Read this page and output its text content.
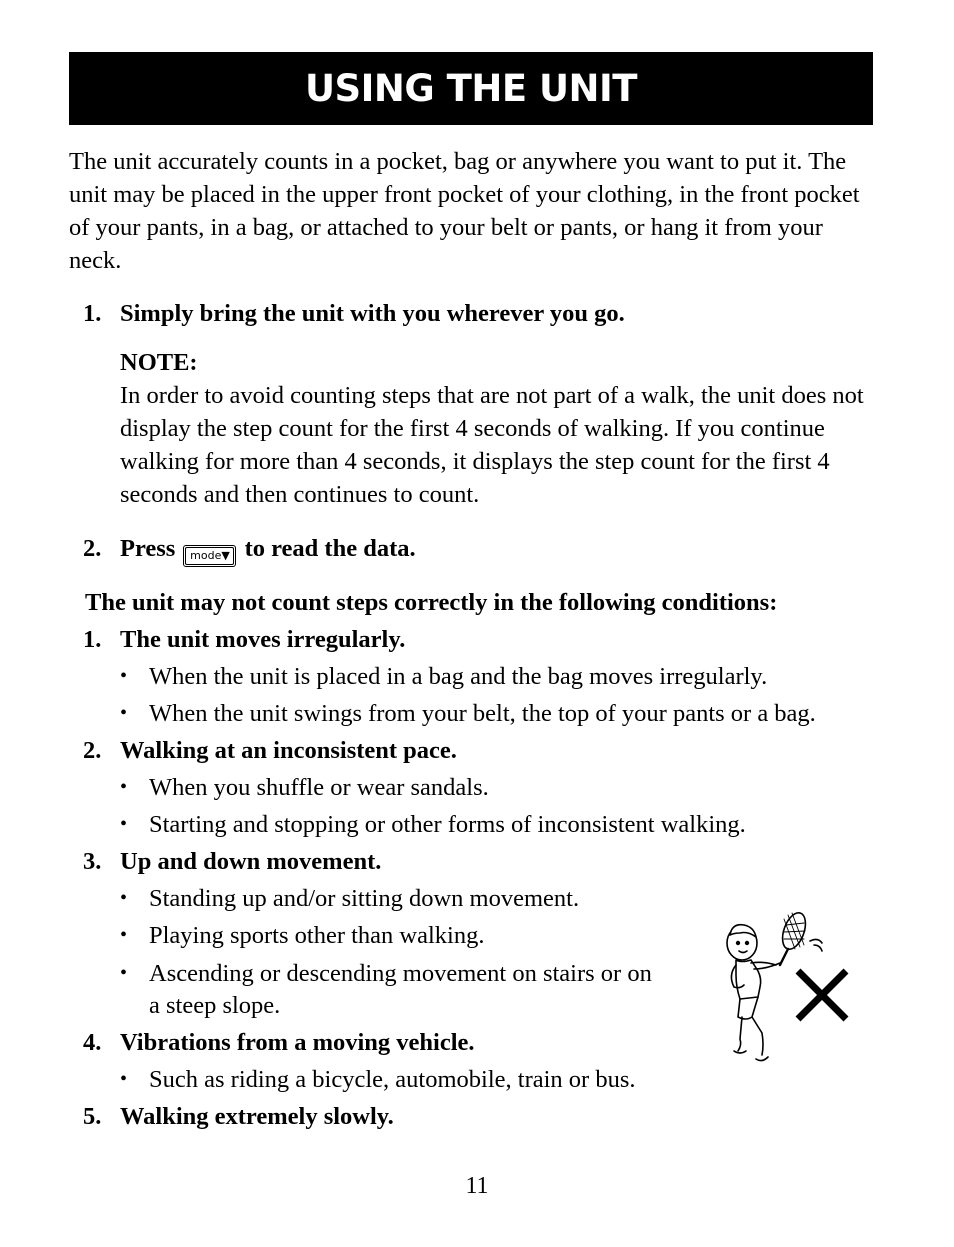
USING THE UNIT

The unit accurately counts in a pocket, bag or anywhere you want to put it. The unit may be placed in the upper front pocket of your clothing, in the front pocket of your pants, in a bag, or attached to your belt or pants, or hang it from your neck.

1. Simply bring the unit with you wherever you go.
NOTE:

In order to avoid counting steps that are not part of a walk, the unit does not display the step count for the first 4 seconds of walking. If you continue walking for more than 4 seconds, it displays the step count for the first 4 seconds and then continues to count.

2. Press	mode▼ to read the data.
The unit may not count steps correctly in the following conditions:
1. The unit moves irregularly.
• When the unit is placed in a bag and the bag moves irregularly.
• When the unit swings from your belt, the top of your pants or a bag.
2. Walking at an inconsistent pace.
• When you shuffle or wear sandals.
• Starting and stopping or other forms of inconsistent walking.
3. Up and down movement.
• Standing up and/or sitting down movement.
• Playing sports other than walking.
• Ascending or descending movement on stairs or on
a steep slope.
4. Vibrations from a moving vehicle.
• Such as riding a bicycle, automobile, train or bus.
5. Walking extremely slowly.
11
